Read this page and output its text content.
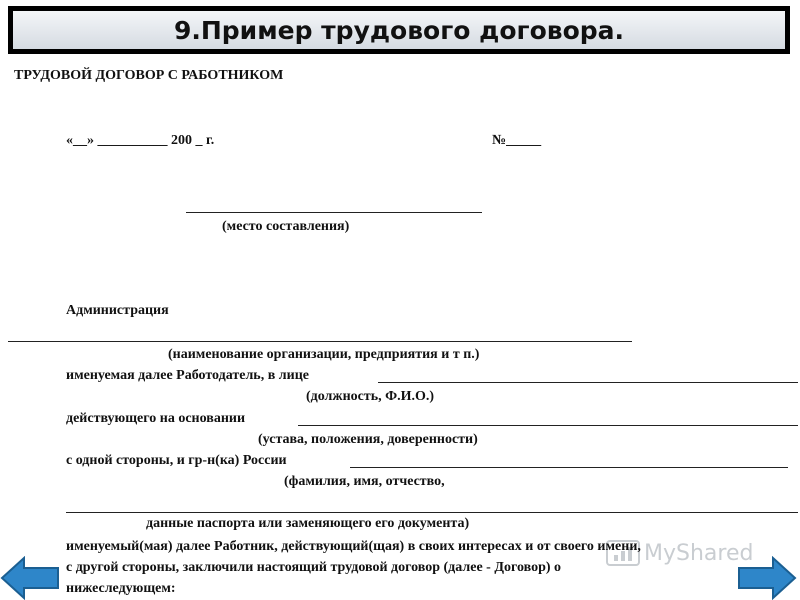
9.Пример трудового договора.
ТРУДОВОЙ ДОГОВОР С РАБОТНИКОМ
«__» __________ 200 _ г.	№_____
(место составления)
Администрация
(наименование организации, предприятия и т п.)
именуемая далее Работодатель, в лице
(должность, Ф.И.О.)
действующего на основании
(устава, положения, доверенности)
с одной стороны, и гр-н(ка) России
(фамилия, имя, отчество,
данные паспорта или заменяющего его документа)
MyShared
именуемый(мая) далее Работник, действующий(щая) в своих интересах и от своего имени,
с другой стороны, заключили настоящий трудовой договор (далее - Договор) о
нижеследующем:
